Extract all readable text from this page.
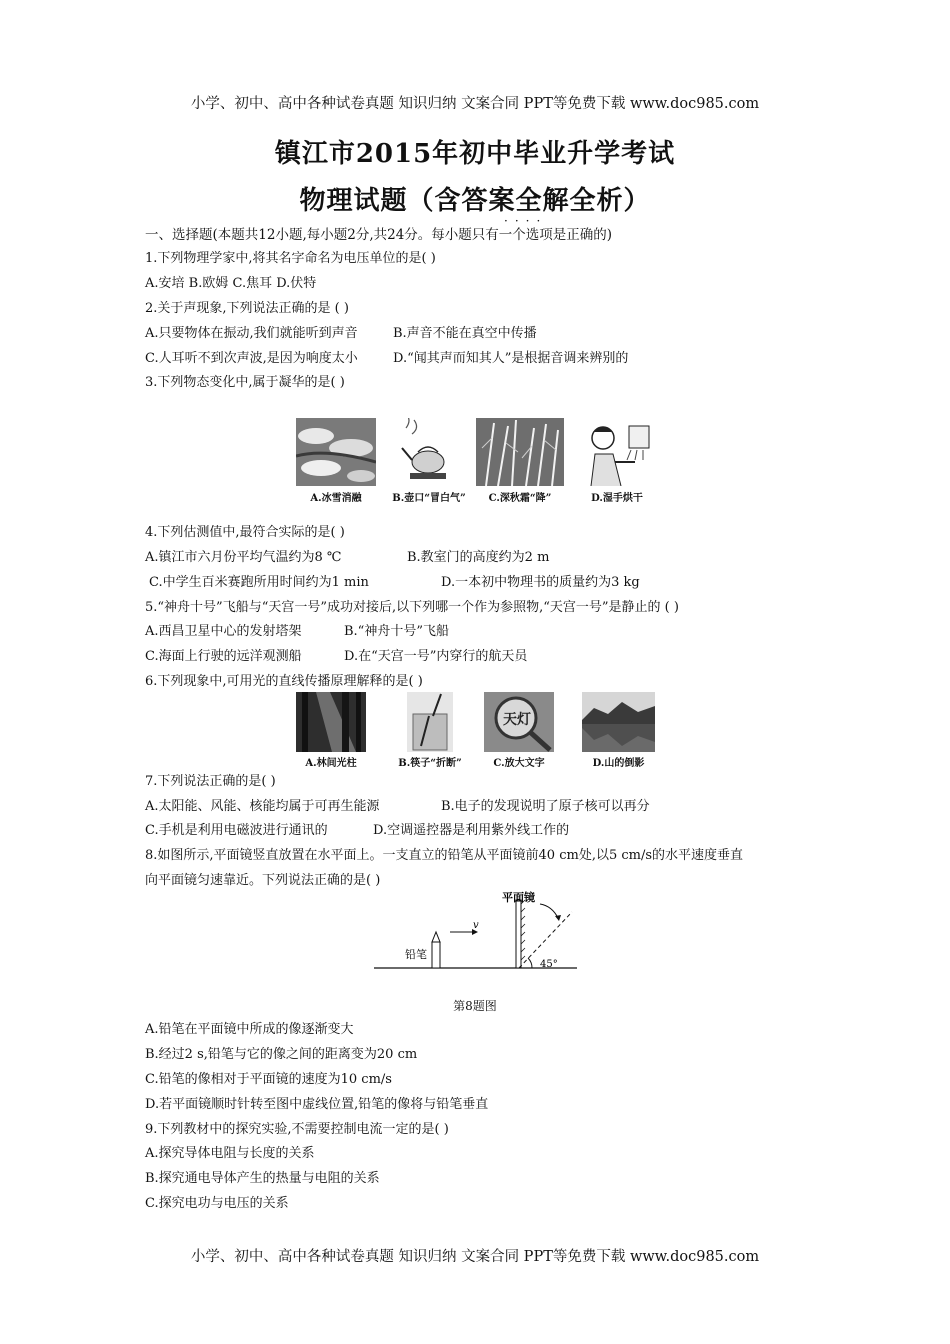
小学、初中、高中各种试卷真题 知识归纳 文案合同 PPT等免费下载 www.doc985.com
镇江市2015年初中毕业升学考试
物理试题（含答案全解全析）
····
一、选择题(本题共12小题,每小题2分,共24分。每小题只有一个选项是正确的)
1.下列物理学家中,将其名字命名为电压单位的是( )
A.安培 B.欧姆 C.焦耳 D.伏特
2.关于声现象,下列说法正确的是 ( )
A.只要物体在振动,我们就能听到声音	B.声音不能在真空中传播
C.人耳听不到次声波,是因为响度太小	D.“闻其声而知其人”是根据音调来辨别的
3.下列物态变化中,属于凝华的是( )
A.冰雪消融	B.壶口“冒白气”	C.深秋霜“降”	D.湿手烘干
4.下列估测值中,最符合实际的是( )
A.镇江市六月份平均气温约为8 ℃	B.教室门的高度约为2 m
C.中学生百米赛跑所用时间约为1 min	D.一本初中物理书的质量约为3 kg
5.“神舟十号”飞船与“天宫一号”成功对接后,以下列哪一个作为参照物,“天宫一号”是静止的 ( )
A.西昌卫星中心的发射塔架	B.“神舟十号”飞船
C.海面上行驶的远洋观测船	D.在“天宫一号”内穿行的航天员
6.下列现象中,可用光的直线传播原理解释的是( )
天灯
A.林间光柱	B.筷子“折断”	C.放大文字	D.山的倒影
7.下列说法正确的是( )
A.太阳能、风能、核能均属于可再生能源	B.电子的发现说明了原子核可以再分
C.手机是利用电磁波进行通讯的	D.空调遥控器是利用紫外线工作的
8.如图所示,平面镜竖直放置在水平面上。一支直立的铅笔从平面镜前40 cm处,以5 cm/s的水平速度垂直
向平面镜匀速靠近。下列说法正确的是( )
平面镜
铅笔
v
45°
第8题图
A.铅笔在平面镜中所成的像逐渐变大
B.经过2 s,铅笔与它的像之间的距离变为20 cm
C.铅笔的像相对于平面镜的速度为10 cm/s
D.若平面镜顺时针转至图中虚线位置,铅笔的像将与铅笔垂直
9.下列教材中的探究实验,不需要控制电流一定的是( )
A.探究导体电阻与长度的关系
B.探究通电导体产生的热量与电阻的关系
C.探究电功与电压的关系
小学、初中、高中各种试卷真题 知识归纳 文案合同 PPT等免费下载 www.doc985.com
